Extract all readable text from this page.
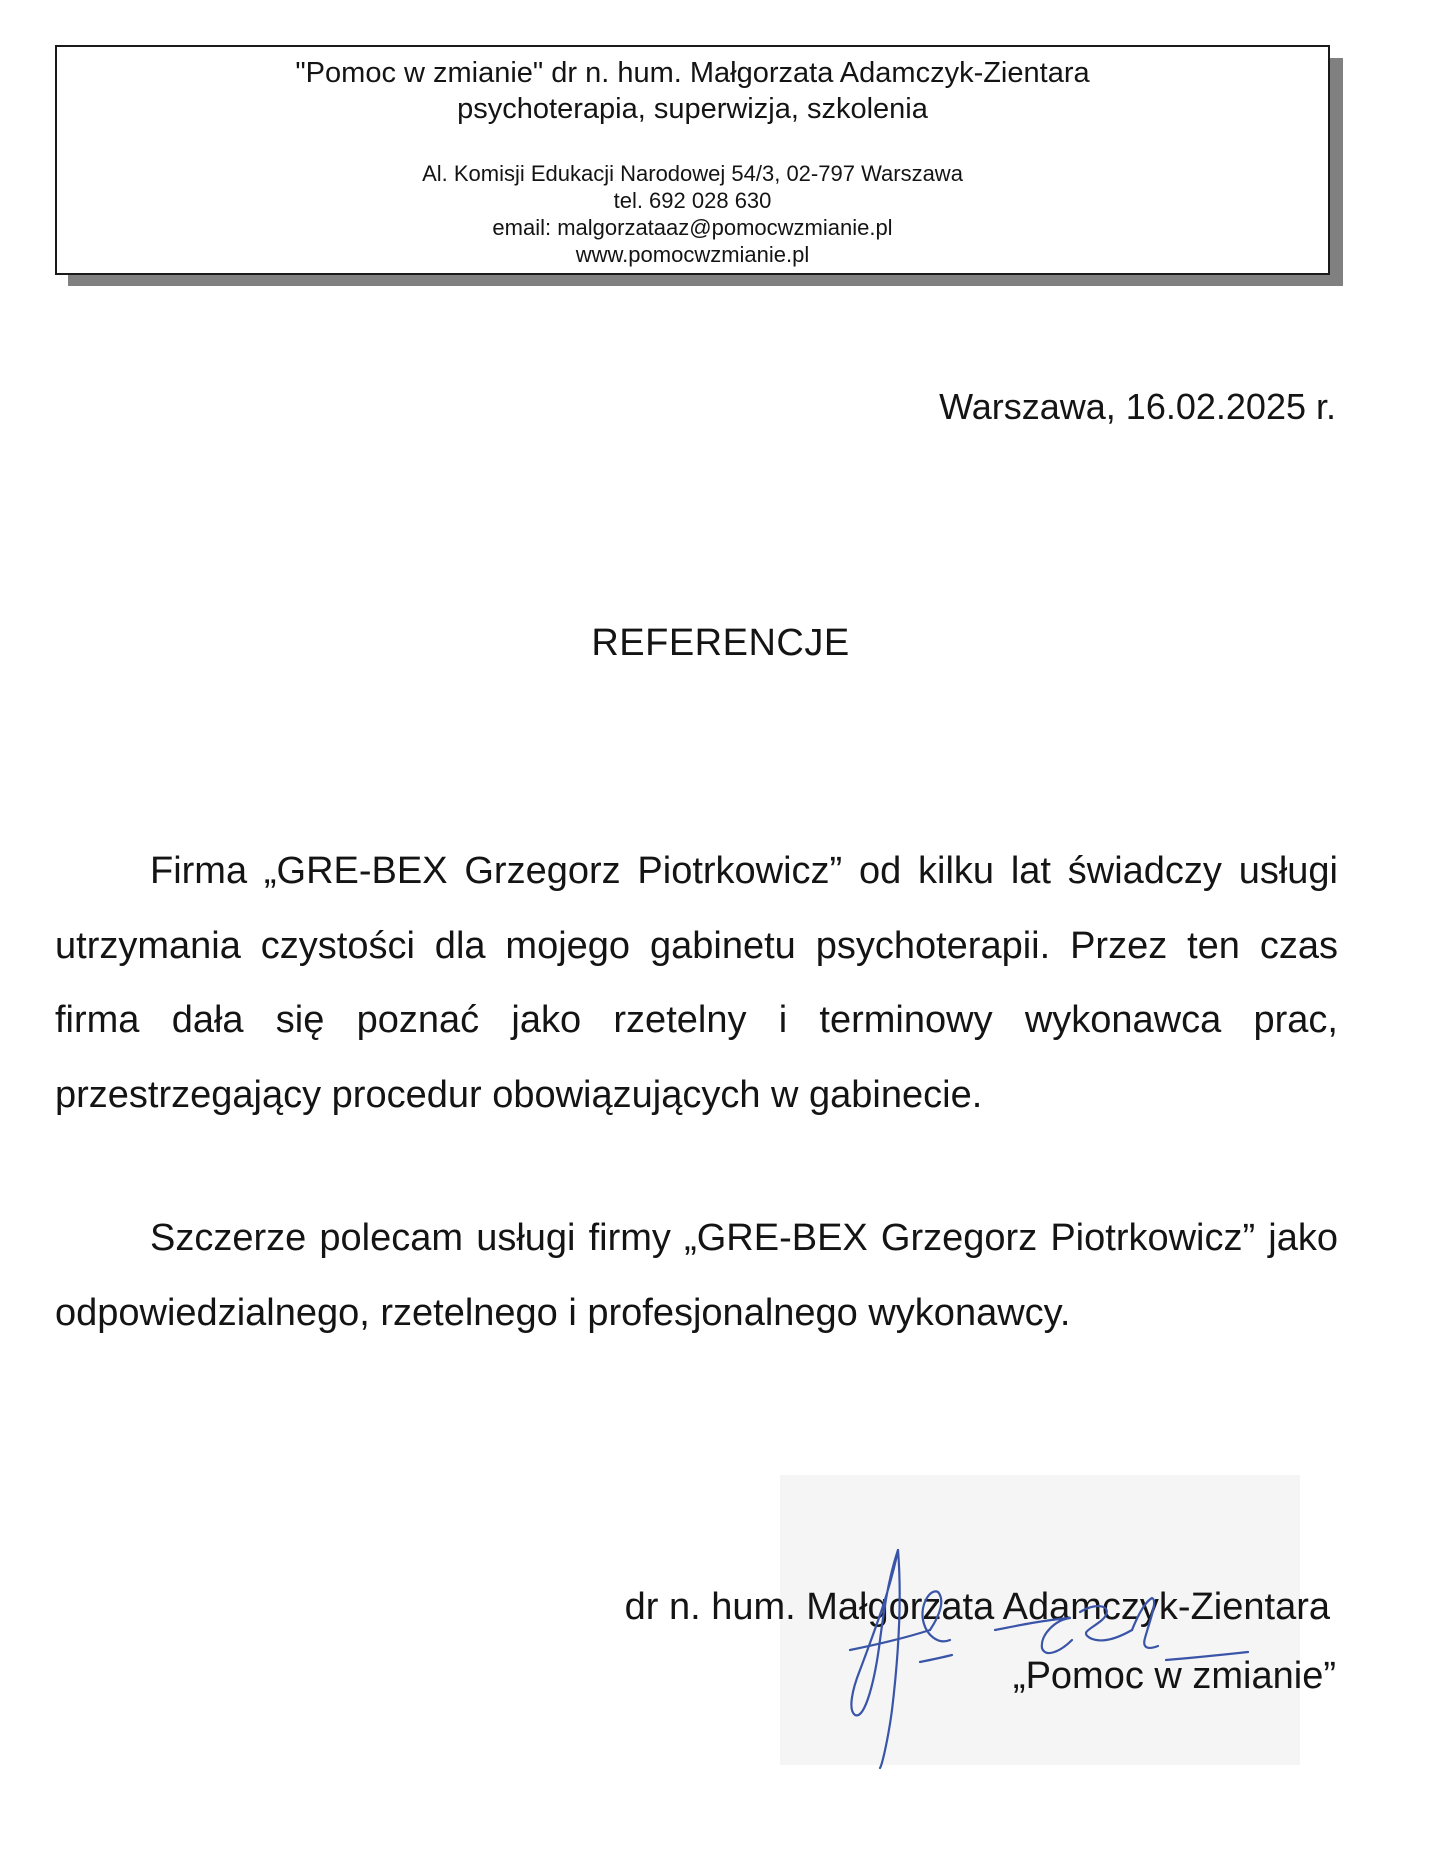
"Pomoc w zmianie" dr n. hum. Małgorzata Adamczyk-Zientara
psychoterapia, superwizja, szkolenia
Al. Komisji Edukacji Narodowej 54/3, 02-797 Warszawa
tel. 692 028 630
email: malgorzataaz@pomocwzmianie.pl
www.pomocwzmianie.pl
Warszawa, 16.02.2025 r.
REFERENCJE

Firma „GRE-BEX Grzegorz Piotrkowicz” od kilku lat świadczy usługi utrzymania czystości dla mojego gabinetu psychoterapii. Przez ten czas firma dała się poznać jako rzetelny i terminowy wykonawca prac, przestrzegający procedur obowiązujących w gabinecie.

Szczerze polecam usługi firmy „GRE-BEX Grzegorz Piotrkowicz” jako odpowiedzialnego, rzetelnego i profesjonalnego wykonawcy.

dr n. hum. Małgorzata Adamczyk-Zientara
„Pomoc w zmianie”
